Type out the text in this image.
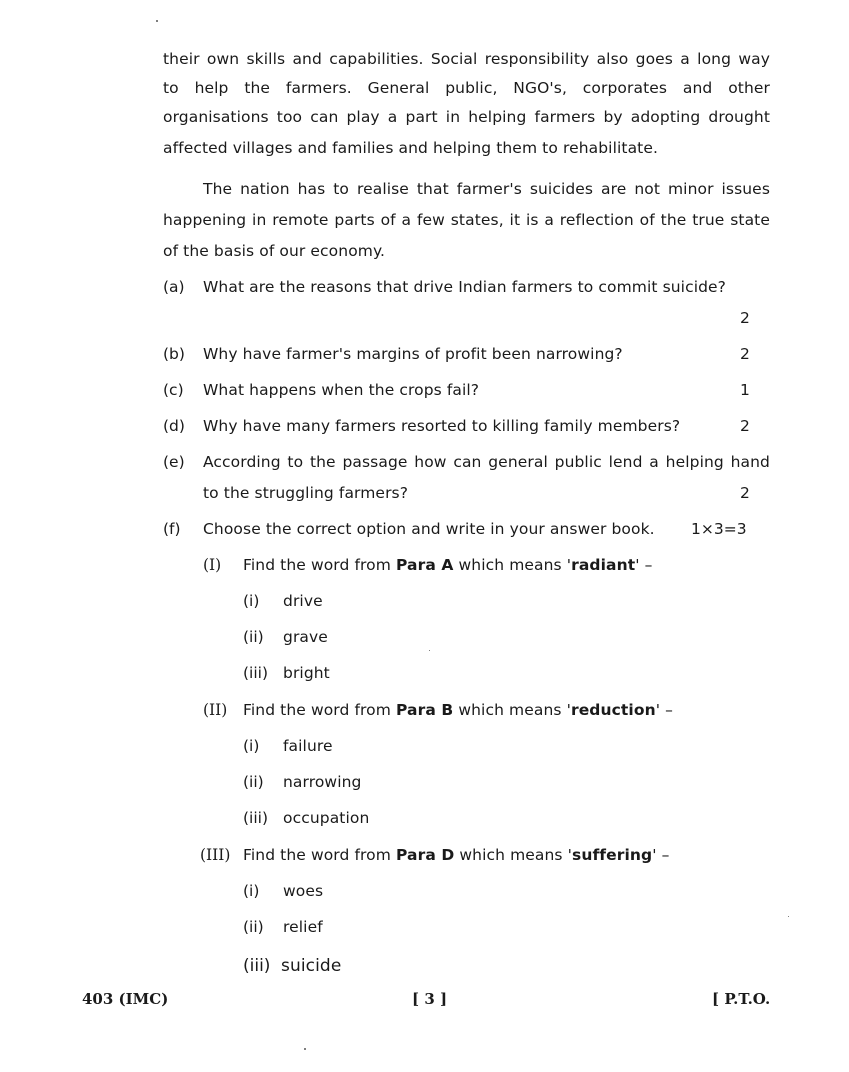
their own skills and capabilities. Social responsibility also goes a long way
to help the farmers. General public, NGO's, corporates and other
organisations too can play a part in helping farmers by adopting drought
affected villages and families and helping them to rehabilitate.
The nation has to realise that farmer's suicides are not minor issues
happening in remote parts of a few states, it is a reflection of the true state
of the basis of our economy.
(a) What are the reasons that drive Indian farmers to commit suicide?
2
(b) Why have farmer's margins of profit been narrowing?	2
(c) What happens when the crops fail?	1
(d) Why have many farmers resorted to killing family members?	2
(e) According to the passage how can general public lend a helping hand
to the struggling farmers?	2
(f) Choose the correct option and write in your answer book. 1×3=3
(I) Find the word from Para A which means 'radiant' –
(i) drive
(ii) grave
(iii) bright
(II) Find the word from Para B which means 'reduction' –
(i) failure
(ii) narrowing
(iii) occupation
(III) Find the word from Para D which means 'suffering' –
(i) woes
(ii) relief
(iii) suicide
403 (IMC)	[ 3 ]	[ P.T.O.
